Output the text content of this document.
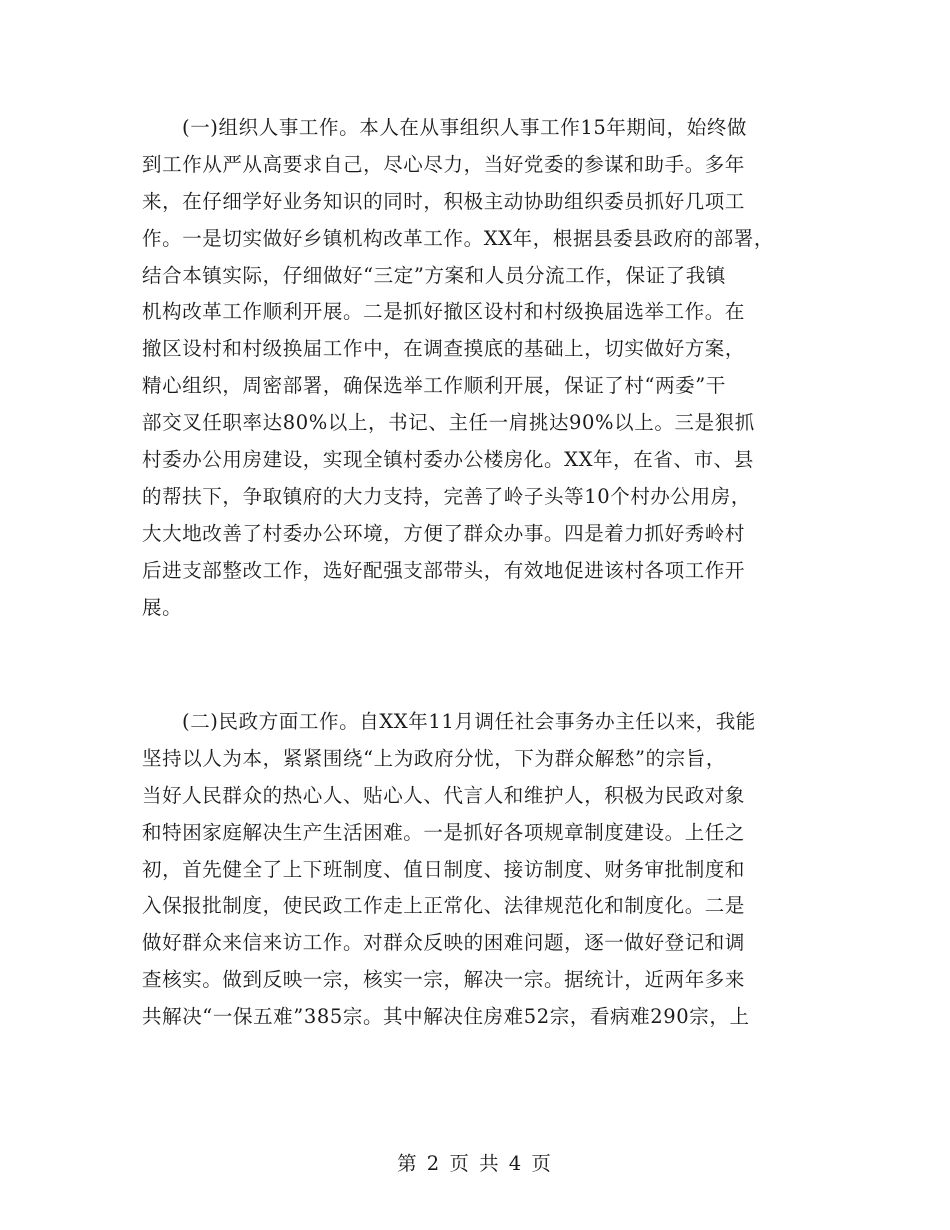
(一)组织人事工作。本人在从事组织人事工作15年期间，始终做
到工作从严从高要求自己，尽心尽力，当好党委的参谋和助手。多年
来，在仔细学好业务知识的同时，积极主动协助组织委员抓好几项工
作。一是切实做好乡镇机构改革工作。XX年，根据县委县政府的部署，
结合本镇实际，仔细做好“三定”方案和人员分流工作，保证了我镇
机构改革工作顺利开展。二是抓好撤区设村和村级换届选举工作。在
撤区设村和村级换届工作中，在调查摸底的基础上，切实做好方案，
精心组织，周密部署，确保选举工作顺利开展，保证了村“两委”干
部交叉任职率达80%以上，书记、主任一肩挑达90%以上。三是狠抓
村委办公用房建设，实现全镇村委办公楼房化。XX年，在省、市、县
的帮扶下，争取镇府的大力支持，完善了岭子头等10个村办公用房，
大大地改善了村委办公环境，方便了群众办事。四是着力抓好秀岭村
后进支部整改工作，选好配强支部带头，有效地促进该村各项工作开
展。
(二)民政方面工作。自XX年11月调任社会事务办主任以来，我能
坚持以人为本，紧紧围绕“上为政府分忧，下为群众解愁”的宗旨，
当好人民群众的热心人、贴心人、代言人和维护人，积极为民政对象
和特困家庭解决生产生活困难。一是抓好各项规章制度建设。上任之
初，首先健全了上下班制度、值日制度、接访制度、财务审批制度和
入保报批制度，使民政工作走上正常化、法律规范化和制度化。二是
做好群众来信来访工作。对群众反映的困难问题，逐一做好登记和调
查核实。做到反映一宗，核实一宗，解决一宗。据统计，近两年多来
共解决“一保五难”385宗。其中解决住房难52宗，看病难290宗，上
第 2 页 共 4 页
